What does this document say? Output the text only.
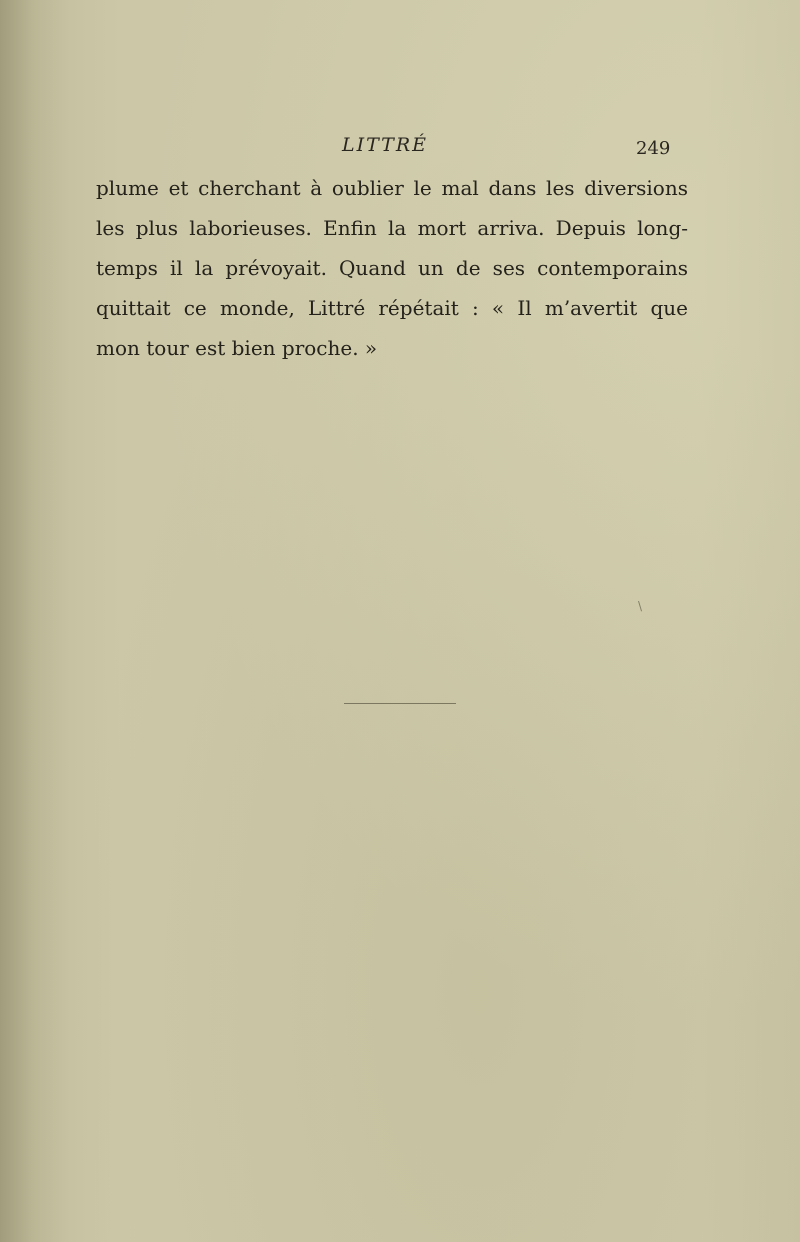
LITTRÉ	249
plume et cherchant à oublier le mal dans les diversions
les plus laborieuses. Enfin la mort arriva. Depuis long-
temps il la prévoyait. Quand un de ses contemporains
quittait ce monde, Littré répétait : « Il m’avertit que
mon tour est bien proche. »
\
